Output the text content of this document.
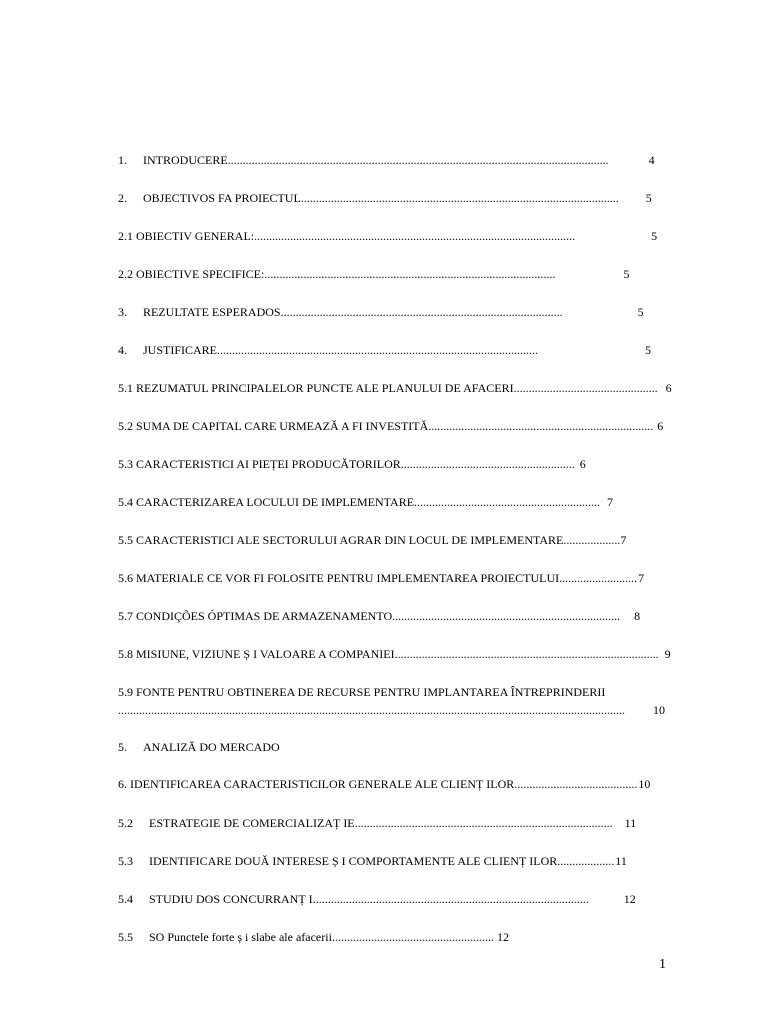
1.	INTRODUCERE ...............................................................................................................................	4
2.	OBJECTIVOS FA PROIECTUL ..........................................................................................................	5
2.1 OBIECTIV GENERAL: ...........................................................................................................	5
2.2 OBIECTIVE SPECIFICE: .................................................................................................	5
3.	REZULTATE ESPERADOS ..............................................................................................	5
4.	JUSTIFICARE ...........................................................................................................	5
5.1 REZUMATUL PRINCIPALELOR PUNCTE ALE PLANULUI DE AFACERI ................................................ 6
5.2 SUMA DE CAPITAL CARE URMEAZĂ A FI INVESTITĂ ........................................................................... 6
5.3 CARACTERISTICI AI PIEȚEI PRODUCĂTORILOR .......................................................... 6
5.4 CARACTERIZAREA LOCULUI DE IMPLEMENTARE .............................................................. 7
5.5 CARACTERISTICI ALE SECTORULUI AGRAR DIN LOCUL DE IMPLEMENTARE ................... 7
5.6 MATERIALE CE VOR FI FOLOSITE PENTRU IMPLEMENTAREA PROIECTULUI .......................... 7
5.7 CONDIÇÕES ÓPTIMAS DE ARMAZENAMENTO ............................................................................	8
5.8 MISIUNE, VIZIUNE Ș I VALOARE A COMPANIEI ........................................................................................ 9
5.9 FONTE PENTRU OBTINEREA DE RECURSE PENTRU IMPLANTAREA ÎNTREPRINDERII
.........................................................................................................................................................................	10
5.	ANALIZĂ DO MERCADO
6. IDENTIFICAREA CARACTERISTICILOR GENERALE ALE CLIENȚ ILOR ......................................... 10
5.2	ESTRATEGIE DE COMERCIALIZAȚ IE ......................................................................................	11
5.3	IDENTIFICARE DOUĂ INTERESE Ș I COMPORTAMENTE ALE CLIENȚ ILOR ................... 11
5.4	STUDIU DOS CONCURRANȚ I ............................................................................................	12
5.5	SO Punctele forte ș i slabe ale afacerii ...................................................... 12
1
